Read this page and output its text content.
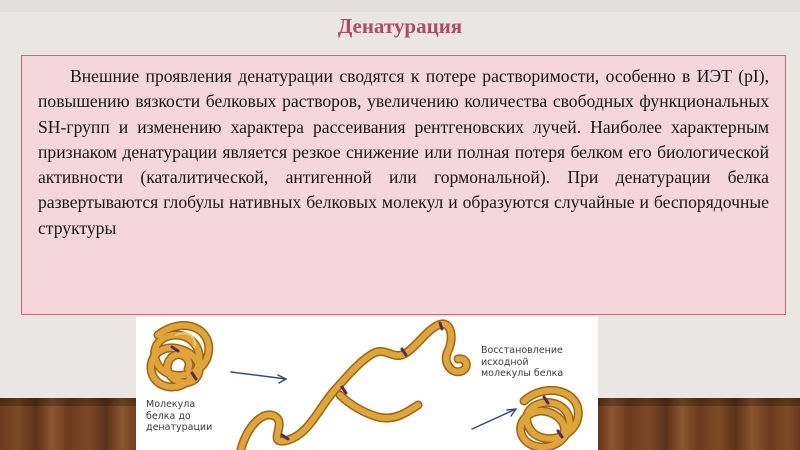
Денатурация

Внешние проявления денатурации сводятся к потере растворимости, особенно в ИЭТ (pI), повышению вязкости белковых растворов, увеличению количества свободных функциональных SH-групп и изменению характера рассеивания рентгеновских лучей. Наиболее характерным признаком денатурации является резкое снижение или полная потеря белком его биологической активности (каталитической, антигенной или гормональной). При денатурации белка развертываются глобулы нативных белковых молекул и образуются случайные и беспорядочные структуры

Молекула белка до денатурации
Восстановление исходной молекулы белка
